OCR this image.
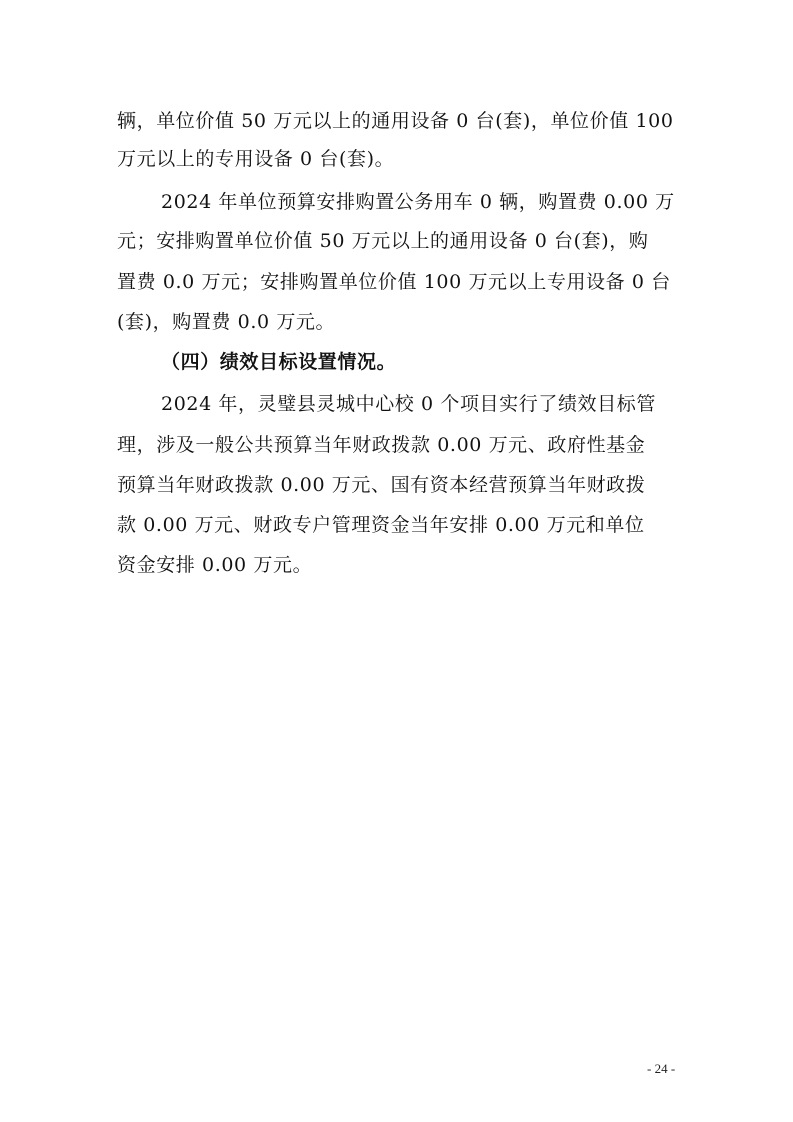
辆，单位价值 50 万元以上的通用设备 0 台(套)，单位价值 100
万元以上的专用设备 0 台(套)。
2024 年单位预算安排购置公务用车 0 辆，购置费 0.00 万
元；安排购置单位价值 50 万元以上的通用设备 0 台(套)，购
置费 0.0 万元；安排购置单位价值 100 万元以上专用设备 0 台
(套)，购置费 0.0 万元。
（四）绩效目标设置情况。
2024 年，灵璧县灵城中心校 0 个项目实行了绩效目标管
理，涉及一般公共预算当年财政拨款 0.00 万元、政府性基金
预算当年财政拨款 0.00 万元、国有资本经营预算当年财政拨
款 0.00 万元、财政专户管理资金当年安排 0.00 万元和单位
资金安排 0.00 万元。
- 24 -
